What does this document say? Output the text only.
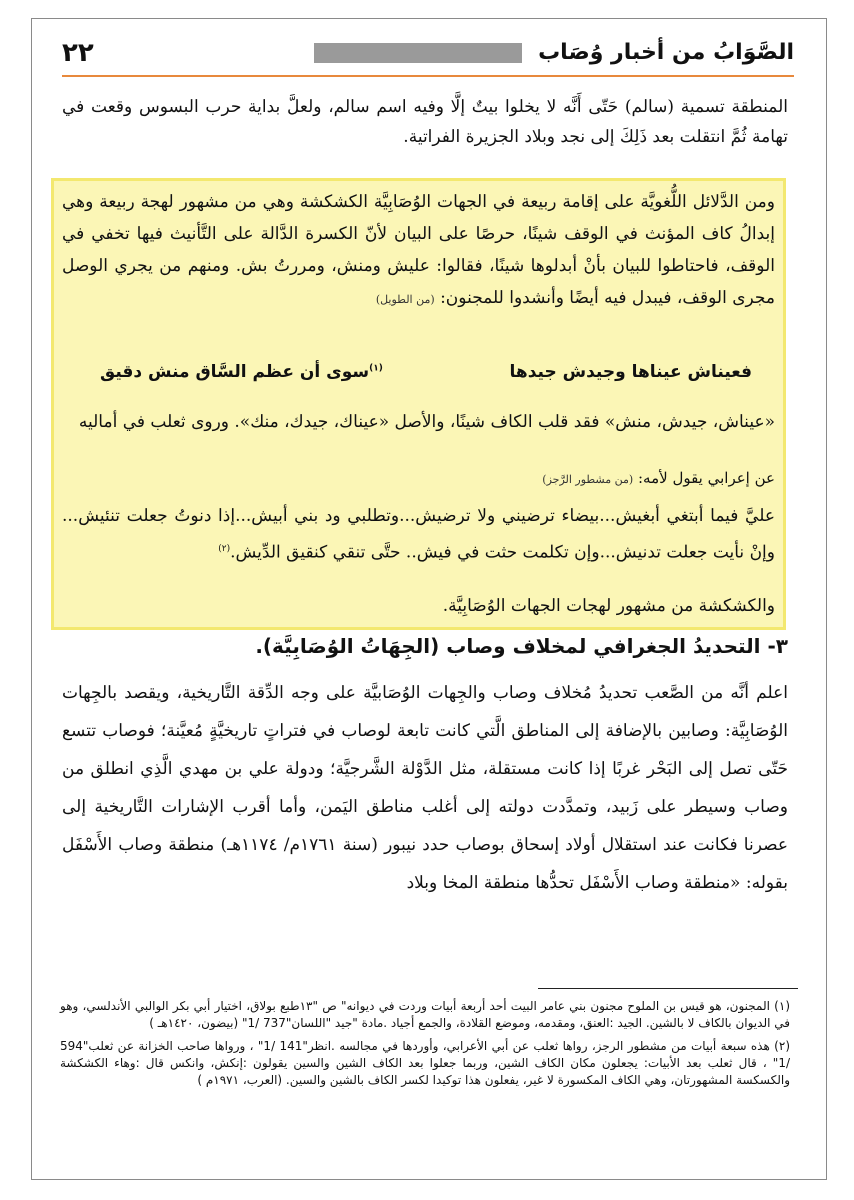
٢٢	الصَّوَابُ من أخبار وُصَاب

المنطقة تسمية (سالم) حَتّى أَنَّه لا يخلوا بيتٌ إلَّا وفيه اسم سالم، ولعلَّ بداية حرب البسوس وقعت في تهامة ثُمَّ انتقلت بعد ذَلِكَ إلى نجد وبلاد الجزيرة الفراتية.

ومن الدَّلائل اللُّغويَّة على إقامة ربيعة في الجهات الوُصَابِيَّة الكشكشة وهي من مشهور لهجة ربيعة وهي إبدالُ كاف المؤنث في الوقف شينًا، حرصًا على البيان لأنّ الكسرة الدَّالة على التَّأنيث فيها تخفي في الوقف، فاحتاطوا للبيان بأنْ أبدلوها شينًا، فقالوا: عليش ومنش، ومررتُ بش. ومنهم من يجري الوصل مجرى الوقف، فيبدل فيه أيضًا وأنشدوا للمجنون: (من الطويل)

فعيناش عيناها وجيدش جيدها
$^{(١)}$سوى أن عظم السَّاق منش دقيق

«عيناش، جيدش، منش» فقد قلب الكاف شينًا، والأصل «عيناك، جيدك، منك». وروى ثعلب في أماليه

عن إعرابي يقول لأمه: (من مشطور الرَّجز)

عليَّ فيما أبتغي أبغيش...بيضاء ترضيني ولا ترضيش...وتطلبي ود بني أبيش...إذا دنوتُ جعلت تنئيش... وإنْ نأيت جعلت تدنيش...وإن تكلمت حثت في فيش.. حتَّى تنقي كنقيق الدِّيش.$^{(٢)}$

والكشكشة من مشهور لهجات الجهات الوُصَابِيَّة.

٣- التحديدُ الجغرافي لمخلاف وصاب (الجِهَاتُ الوُصَابِيَّة).

اعلم أنَّه من الصَّعب تحديدُ مُخلاف وصاب والجِهات الوُصَابيَّة على وجه الدِّقة التَّاريخية، ويقصد بالجِهات الوُصَابِيَّة: وصابين بالإضافة إلى المناطق الَّتي كانت تابعة لوصاب في فتراتٍ تاريخيَّةٍ مُعيَّنة؛ فوصاب تتسع حَتّى تصل إلى البَحْر غربًا إذا كانت مستقلة، مثل الدَّوْلة الشَّرجيَّة؛ ودولة علي بن مهدي الَّذِي انطلق من وصاب وسيطر على زَبيد، وتمدَّدت دولته إلى أغلب مناطق اليَمن، وأما أقرب الإشارات التَّاريخية إلى عصرنا فكانت عند استقلال أولاد إسحاق بوصاب حدد نيبور (سنة ١٧٦١م/ ١١٧٤هـ) منطقة وصاب الأَسْفَل بقوله: «منطقة وصاب الأَسْفَل تحدُّها منطقة المخا وبلاد

(١) المجنون، هو قيس بن الملوح مجنون بني عامر البيت أحد أربعة أبيات وردت في ديوانه" ص "١٣طبع بولاق، اختيار أبي بكر الوالبي الأندلسي، وهو في الديوان بالكاف لا بالشين. الجيد :العنق، ومقدمه، وموضع القلادة، والجمع أجياد .مادة "جيد "اللسان"737 /1" (بيضون، ١٤٢٠هـ )

(٢) هذه سبعة أبيات من مشطور الرجز، رواها ثعلب عن أبي الأعرابي، وأوردها في مجالسه .انظر"141 /1" ، ورواها صاحب الخزانة عن ثعلب"594 /1" ، قال ثعلب بعد الأبيات: يجعلون مكان الكاف الشين، وربما جعلوا بعد الكاف الشين والسين يقولون :إنكش، وانكس قال :وهاء الكشكشة والكسكسة المشهورتان، وهي الكاف المكسورة لا غير، يفعلون هذا توكيدا لكسر الكاف بالشين والسين. (العرب، ١٩٧١م )
